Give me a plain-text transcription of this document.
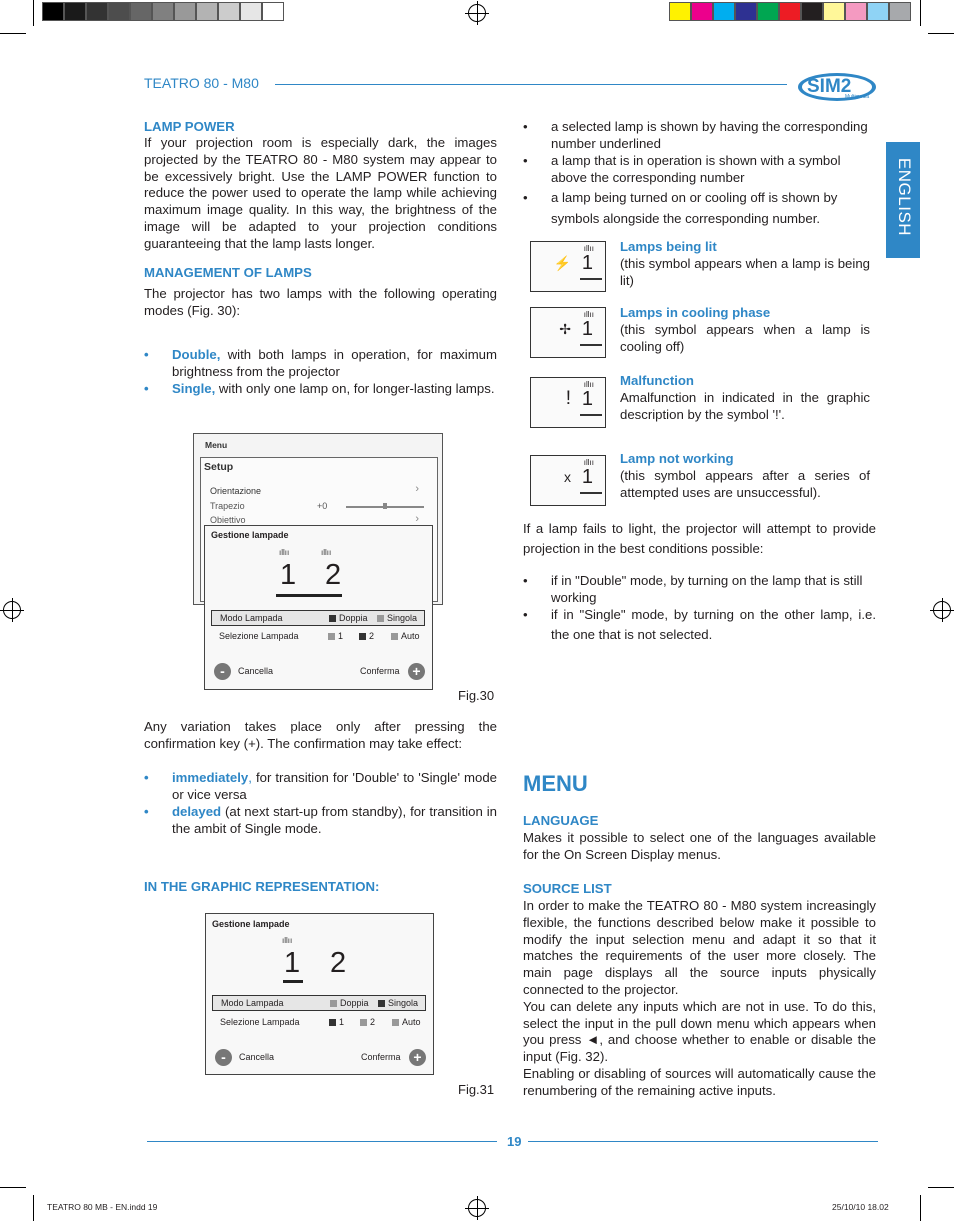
TEATRO 80 - M80	SIM2
Multimedia
ENGLISH
LAMP POWER
If your projection room is especially dark, the images projected by the TEATRO 80 - M80 system may appear to be excessively bright. Use the LAMP POWER function to reduce the power used to operate the lamp while achieving maximum image quality. In this way, the brightness of the image will be adapted to your projection conditions guaranteeing that the lamp lasts longer.
MANAGEMENT OF LAMPS
The projector has two lamps with the following operating modes (Fig. 30):
• Double, with both lamps in operation, for maximum brightness from the projector
• Single, with only one lamp on, for longer-lasting lamps.
Menu
Setup
Orientazione	›
Trapezio	+0
Obiettivo	›
Gestione lampade
ıllıı	ıllıı
1 2
Modo Lampada	Doppia	Singola
Selezione Lampada	1	2	Auto
-	Cancella	Conferma +
Fig.30
Any variation takes place only after pressing the confirmation key (+). The confirmation may take effect:
• immediately, for transition for 'Double' to 'Single' mode or vice versa
• delayed (at next start-up from standby), for transition in the ambit of Single mode.
IN THE GRAPHIC REPRESENTATION:
Gestione lampade
ıllıı
1 2
Modo Lampada	Doppia	Singola
Selezione Lampada	1	2	Auto
-	Cancella	Conferma +
Fig.31
• a selected lamp is shown by having the corresponding number underlined
• a lamp that is in operation is shown with a symbol above the corresponding number
• a lamp being turned on or cooling off is shown by symbols alongside the corresponding number.
ıllıı
⚡ 1
Lamps being lit
(this symbol appears when a lamp is being lit)
ıllıı
✢ 1
Lamps in cooling phase
(this symbol appears when a lamp is cooling off)
ıllıı
! 1
Malfunction
Amalfunction in indicated in the graphic description by the symbol '!'.
ıllıı
x 1
Lamp not working
(this symbol appears after a series of attempted uses are unsuccessful).
If a lamp fails to light, the projector will attempt to provide projection in the best conditions possible:
• if in "Double" mode, by turning on the lamp that is still working
• if in "Single" mode, by turning on the other lamp, i.e. the one that is not selected.
MENU
LANGUAGE
Makes it possible to select one of the languages available for the On Screen Display menus.
SOURCE LIST
In order to make the TEATRO 80 - M80 system increasingly flexible, the functions described below make it possible to modify the input selection menu and adapt it so that it matches the requirements of the user more closely. The main page displays all the source inputs physically connected to the projector.
You can delete any inputs which are not in use. To do this, select the input in the pull down menu which appears when you press ◄, and choose whether to enable or disable the input (Fig. 32).
Enabling or disabling of sources will automatically cause the renumbering of the remaining active inputs.
19
TEATRO 80 MB - EN.indd 19	25/10/10 18.02
